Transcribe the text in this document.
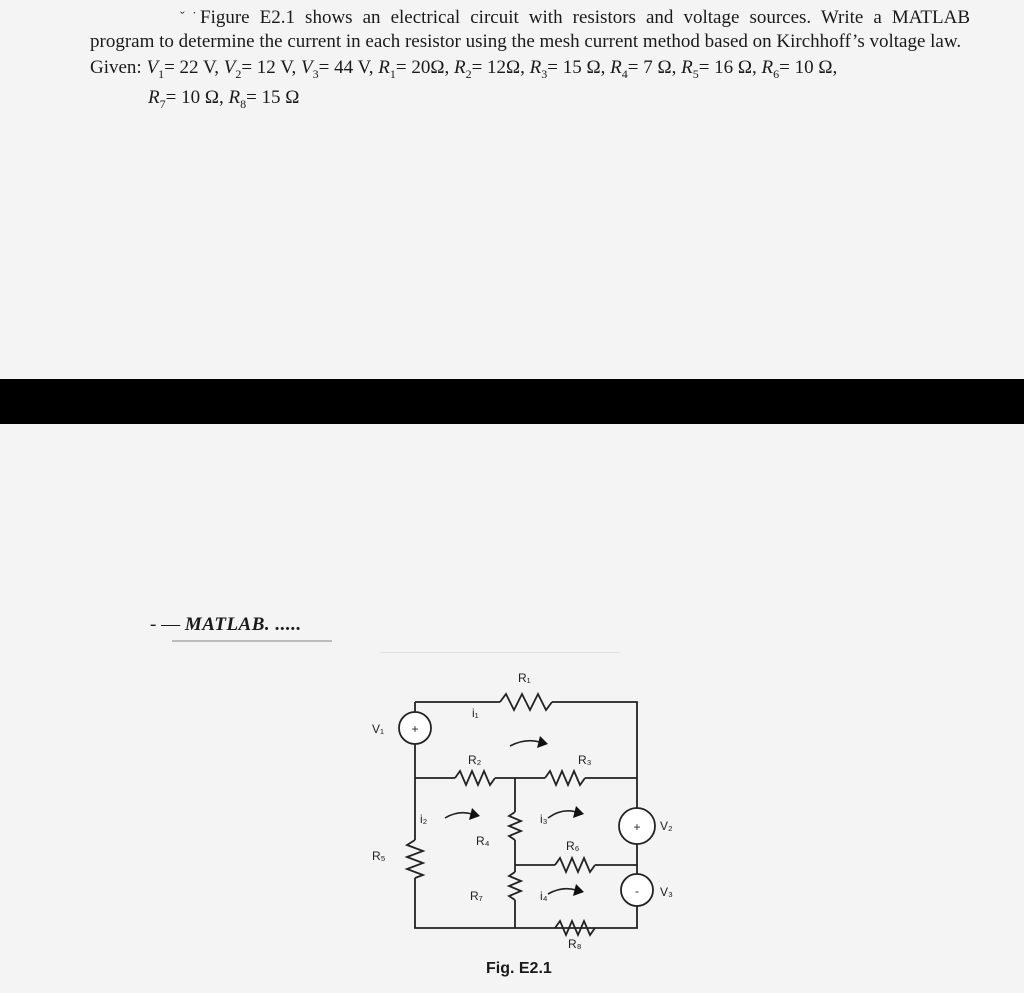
ˇ ˙ Figure E2.1 shows an electrical circuit with resistors and voltage sources. Write a MATLAB program to determine the current in each resistor using the mesh current method based on Kirchhoff’s voltage law.

Given: $V_1= 22$ V, $V_2= 12$ V, $V_3= 44$ V, $R_1= 20\Omega$, $R_2= 12\Omega$, $R_3= 15$ Ω, $R_4= 7$ Ω, $R_5= 16$ Ω, $R_6= 10$ Ω,

$R_7= 10$ Ω, $R_8= 15$ Ω

- — MATLAB. .....
+
+
-
R₁
i₁
R₂	R₃
V₁
i₂	i₃
R₄
R₅
R₆
V₂
R₇	i₄	V₃
R₈
Fig. E2.1
